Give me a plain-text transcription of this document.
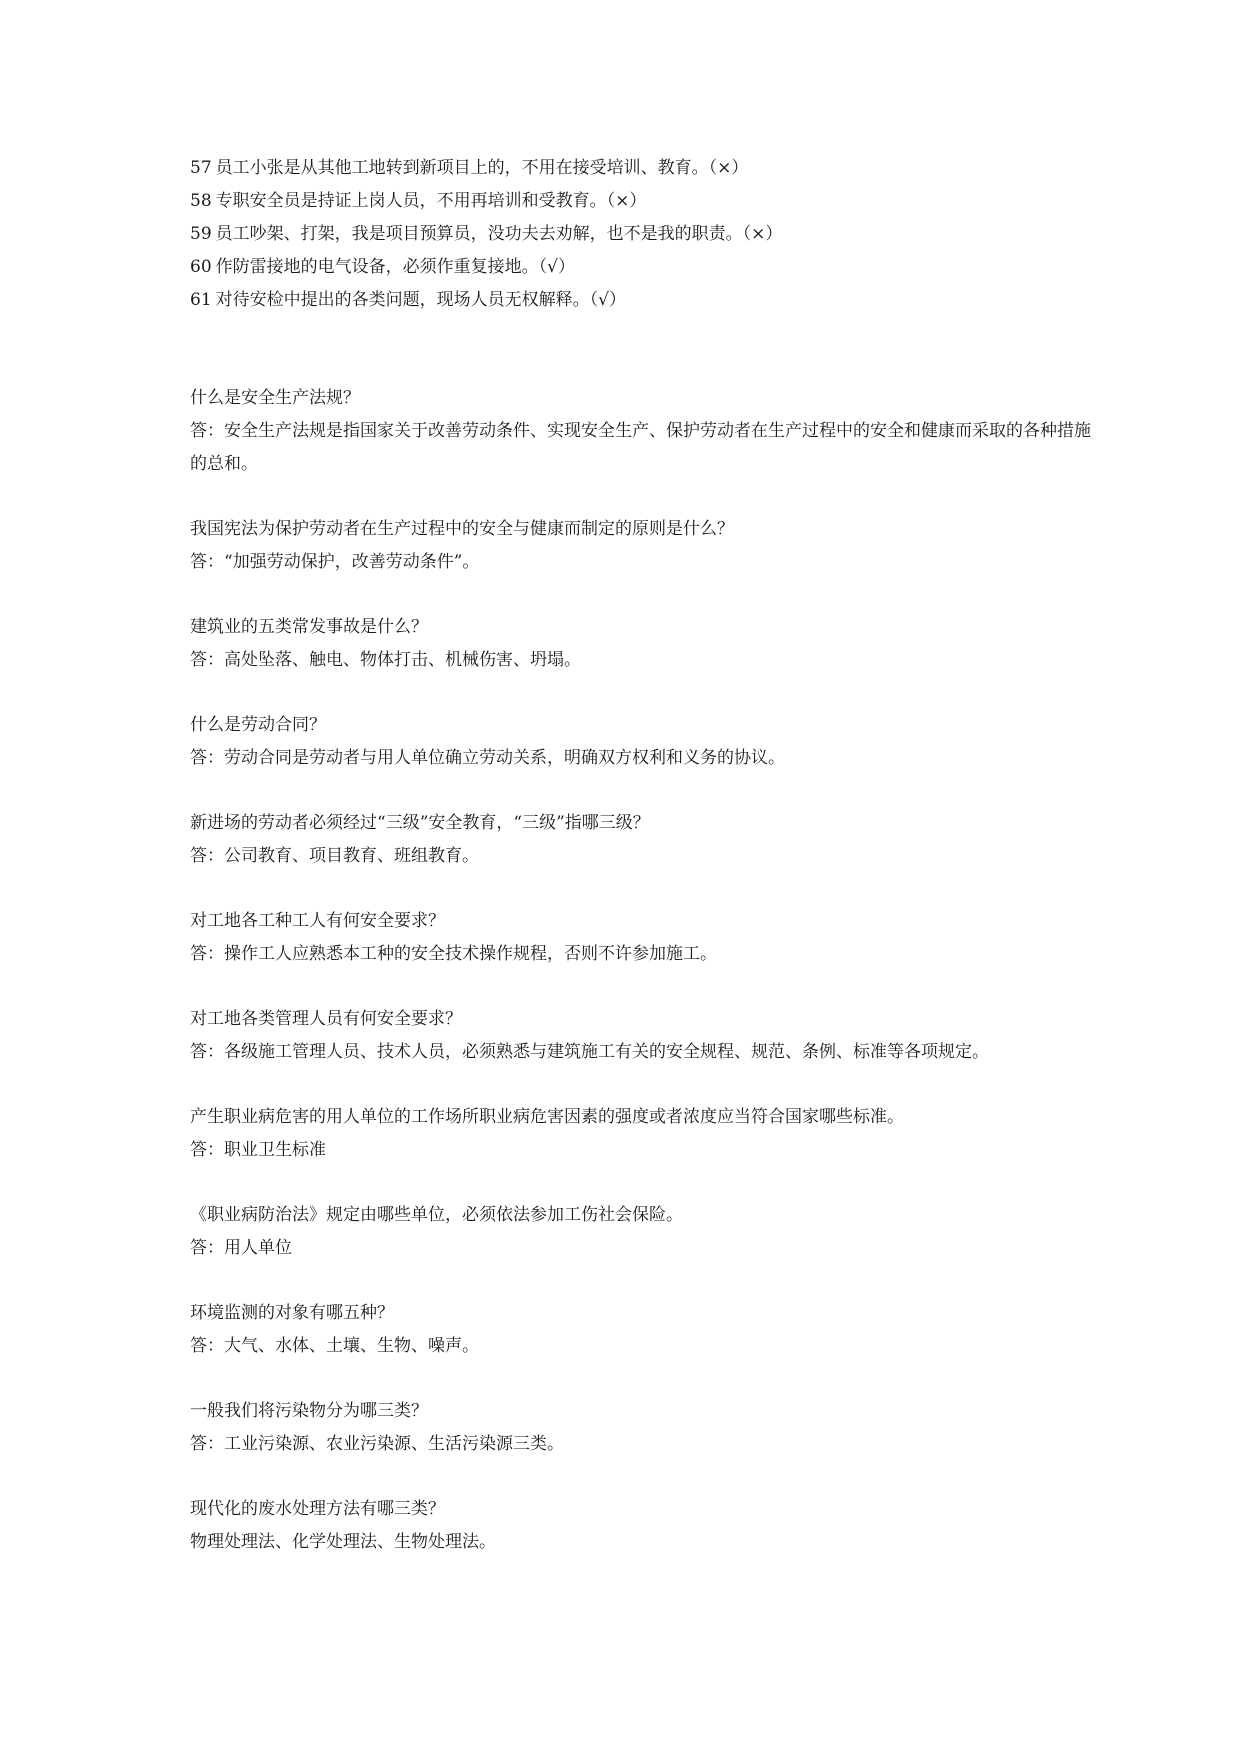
57 员工小张是从其他工地转到新项目上的，不用在接受培训、教育。（×）
58 专职安全员是持证上岗人员，不用再培训和受教育。（×）
59 员工吵架、打架，我是项目预算员，没功夫去劝解，也不是我的职责。（×）
60 作防雷接地的电气设备，必须作重复接地。（√）
61 对待安检中提出的各类问题，现场人员无权解释。（√）

什么是安全生产法规？

答：安全生产法规是指国家关于改善劳动条件、实现安全生产、保护劳动者在生产过程中的安全和健康而采取的各种措施的总和。

我国宪法为保护劳动者在生产过程中的安全与健康而制定的原则是什么？

答：“加强劳动保护，改善劳动条件”。

建筑业的五类常发事故是什么？

答：高处坠落、触电、物体打击、机械伤害、坍塌。

什么是劳动合同？

答：劳动合同是劳动者与用人单位确立劳动关系，明确双方权利和义务的协议。

新进场的劳动者必须经过“三级”安全教育，“三级”指哪三级？

答：公司教育、项目教育、班组教育。

对工地各工种工人有何安全要求？

答：操作工人应熟悉本工种的安全技术操作规程，否则不许参加施工。

对工地各类管理人员有何安全要求？

答：各级施工管理人员、技术人员，必须熟悉与建筑施工有关的安全规程、规范、条例、标准等各项规定。

产生职业病危害的用人单位的工作场所职业病危害因素的强度或者浓度应当符合国家哪些标准。

答：职业卫生标准

《职业病防治法》规定由哪些单位，必须依法参加工伤社会保险。

答：用人单位

环境监测的对象有哪五种？

答：大气、水体、土壤、生物、噪声。

一般我们将污染物分为哪三类？

答：工业污染源、农业污染源、生活污染源三类。

现代化的废水处理方法有哪三类？

物理处理法、化学处理法、生物处理法。
